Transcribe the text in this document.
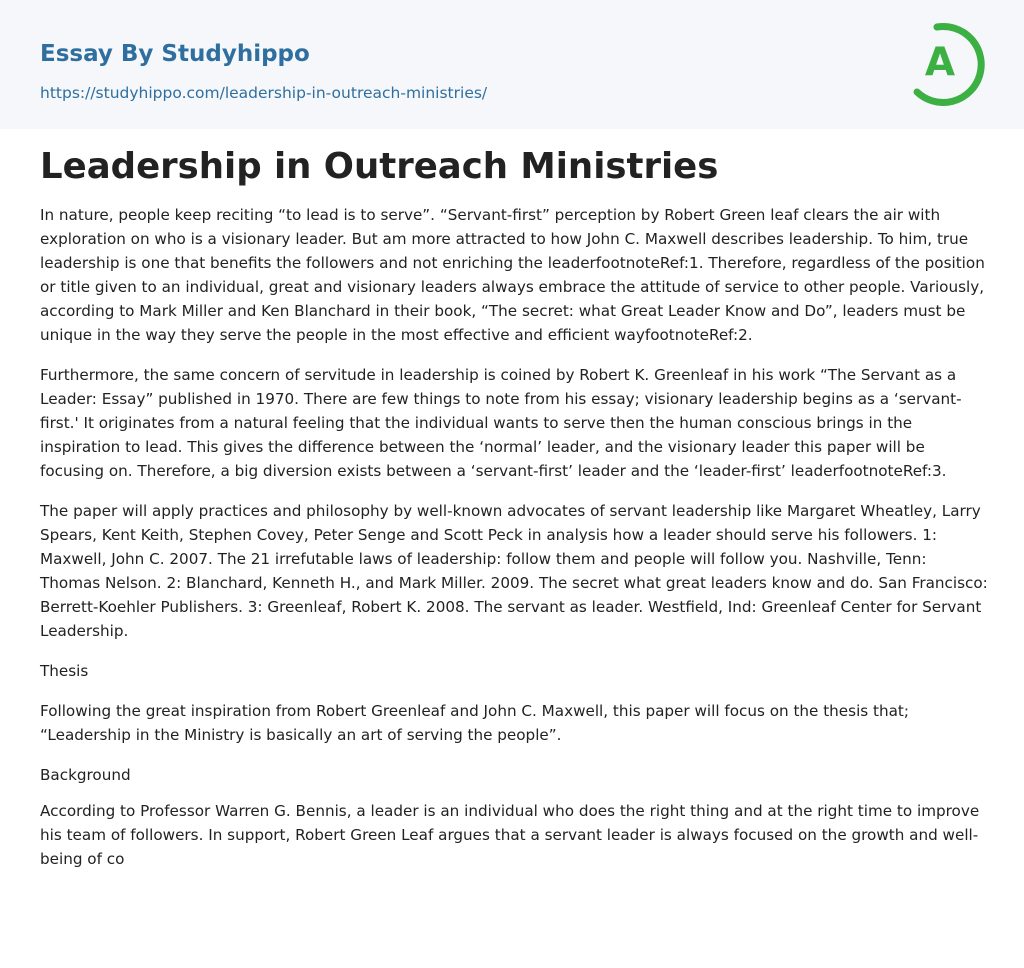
Essay By Studyhippo
https://studyhippo.com/leadership-in-outreach-ministries/
A
Leadership in Outreach Ministries

In nature, people keep reciting “to lead is to serve”. “Servant-first” perception by Robert Green leaf clears the air with exploration on who is a visionary leader. But am more attracted to how John C. Maxwell describes leadership. To him, true leadership is one that benefits the followers and not enriching the leaderfootnoteRef:1. Therefore, regardless of the position or title given to an individual, great and visionary leaders always embrace the attitude of service to other people. Variously, according to Mark Miller and Ken Blanchard in their book, “The secret: what Great Leader Know and Do”, leaders must be unique in the way they serve the people in the most effective and efficient wayfootnoteRef:2.

Furthermore, the same concern of servitude in leadership is coined by Robert K. Greenleaf in his work “The Servant as a Leader: Essay” published in 1970. There are few things to note from his essay; visionary leadership begins as a ‘servant-first.' It originates from a natural feeling that the individual wants to serve then the human conscious brings in the inspiration to lead. This gives the difference between the ‘normal’ leader, and the visionary leader this paper will be focusing on. Therefore, a big diversion exists between a ‘servant-first’ leader and the ‘leader-first’ leaderfootnoteRef:3.

The paper will apply practices and philosophy by well-known advocates of servant leadership like Margaret Wheatley, Larry Spears, Kent Keith, Stephen Covey, Peter Senge and Scott Peck in analysis how a leader should serve his followers. 1: Maxwell, John C. 2007. The 21 irrefutable laws of leadership: follow them and people will follow you. Nashville, Tenn: Thomas Nelson. 2: Blanchard, Kenneth H., and Mark Miller. 2009. The secret what great leaders know and do. San Francisco: Berrett-Koehler Publishers. 3: Greenleaf, Robert K. 2008. The servant as leader. Westfield, Ind: Greenleaf Center for Servant Leadership.

Thesis

Following the great inspiration from Robert Greenleaf and John C. Maxwell, this paper will focus on the thesis that; “Leadership in the Ministry is basically an art of serving the people”.

Background

According to Professor Warren G. Bennis, a leader is an individual who does the right thing and at the right time to improve his team of followers. In support, Robert Green Leaf argues that a servant leader is always focused on the growth and well-being of co
